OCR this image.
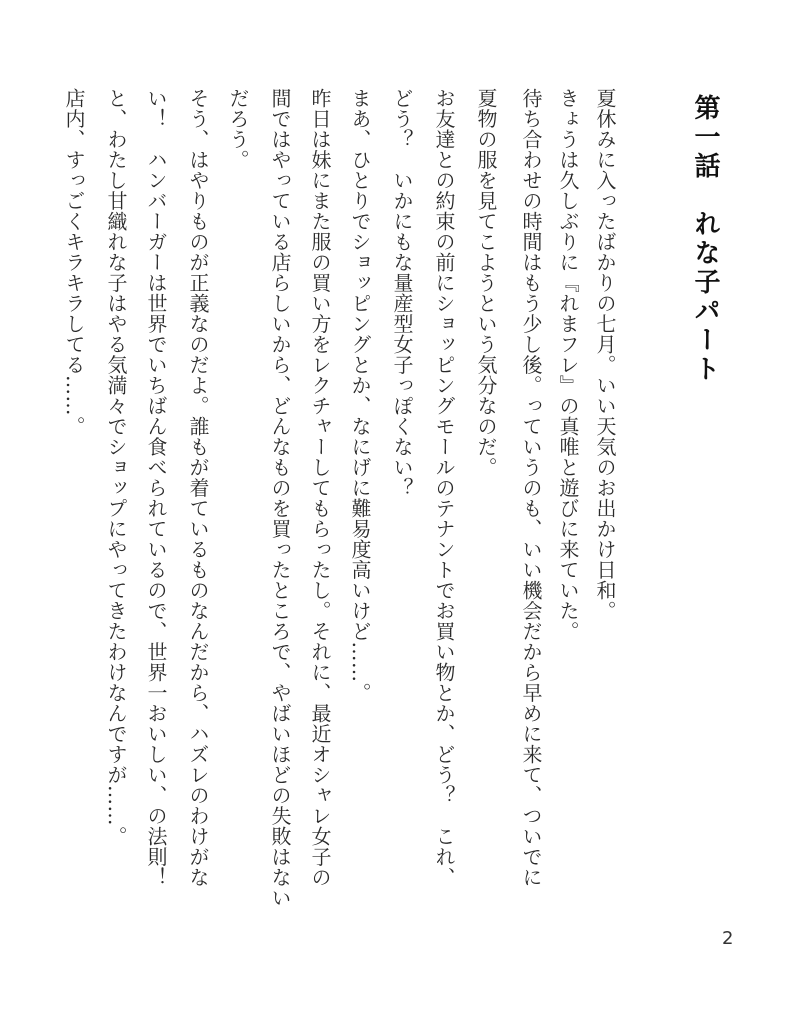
第一話　れな子パート

夏休みに入ったばかりの七月。いい天気のお出かけ日和。

きょうは久しぶりに『れまフレ』の真唯と遊びに来ていた。

待ち合わせの時間はもう少し後。っていうのも、いい機会だから早めに来て、ついでに

夏物の服を見てこようという気分なのだ。

お友達との約束の前にショッピングモールのテナントでお買い物とか、どう？　これ、

どう？　いかにもな量産型女子っぽくない？

まあ、ひとりでショッピングとか、なにげに難易度高いけど……。

昨日は妹にまた服の買い方をレクチャーしてもらったし。それに、最近オシャレ女子の

間ではやっている店らしいから、どんなものを買ったところで、やばいほどの失敗はない

だろう。

そう、はやりものが正義なのだよ。誰もが着ているものなんだから、ハズレのわけがな

い！　ハンバーガーは世界でいちばん食べられているので、世界一おいしい、の法則！

と、わたし甘織れな子はやる気満々でショップにやってきたわけなんですが……。

店内、すっごくキラキラしてる……。

2
